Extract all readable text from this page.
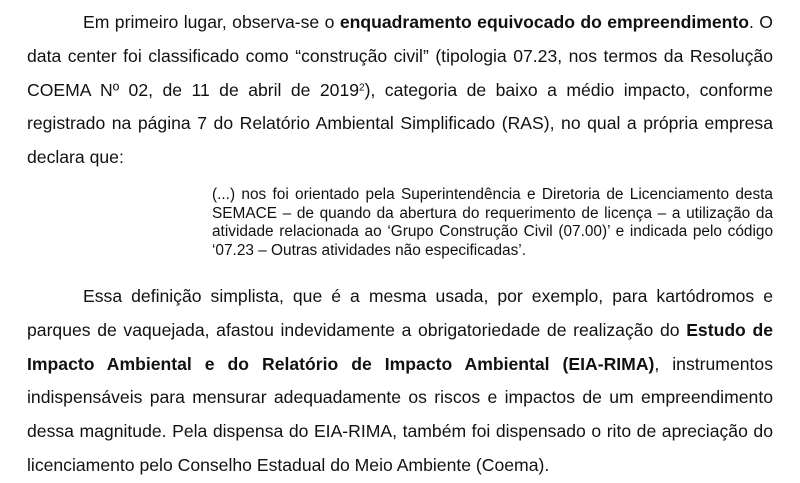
Em primeiro lugar, observa-se o enquadramento equivocado do empreendimento. O data center foi classificado como “construção civil” (tipologia 07.23, nos termos da Resolução COEMA Nº 02, de 11 de abril de 2019$^2$), categoria de baixo a médio impacto, conforme registrado na página 7 do Relatório Ambiental Simplificado (RAS), no qual a própria empresa declara que:

(...) nos foi orientado pela Superintendência e Diretoria de Licenciamento desta SEMACE – de quando da abertura do requerimento de licença – a utilização da atividade relacionada ao ‘Grupo Construção Civil (07.00)’ e indicada pelo código ‘07.23 – Outras atividades não especificadas’.

Essa definição simplista, que é a mesma usada, por exemplo, para kartódromos e parques de vaquejada, afastou indevidamente a obrigatoriedade de realização do Estudo de Impacto Ambiental e do Relatório de Impacto Ambiental (EIA-RIMA), instrumentos indispensáveis para mensurar adequadamente os riscos e impactos de um empreendimento dessa magnitude. Pela dispensa do EIA-RIMA, também foi dispensado o rito de apreciação do licenciamento pelo Conselho Estadual do Meio Ambiente (Coema).
